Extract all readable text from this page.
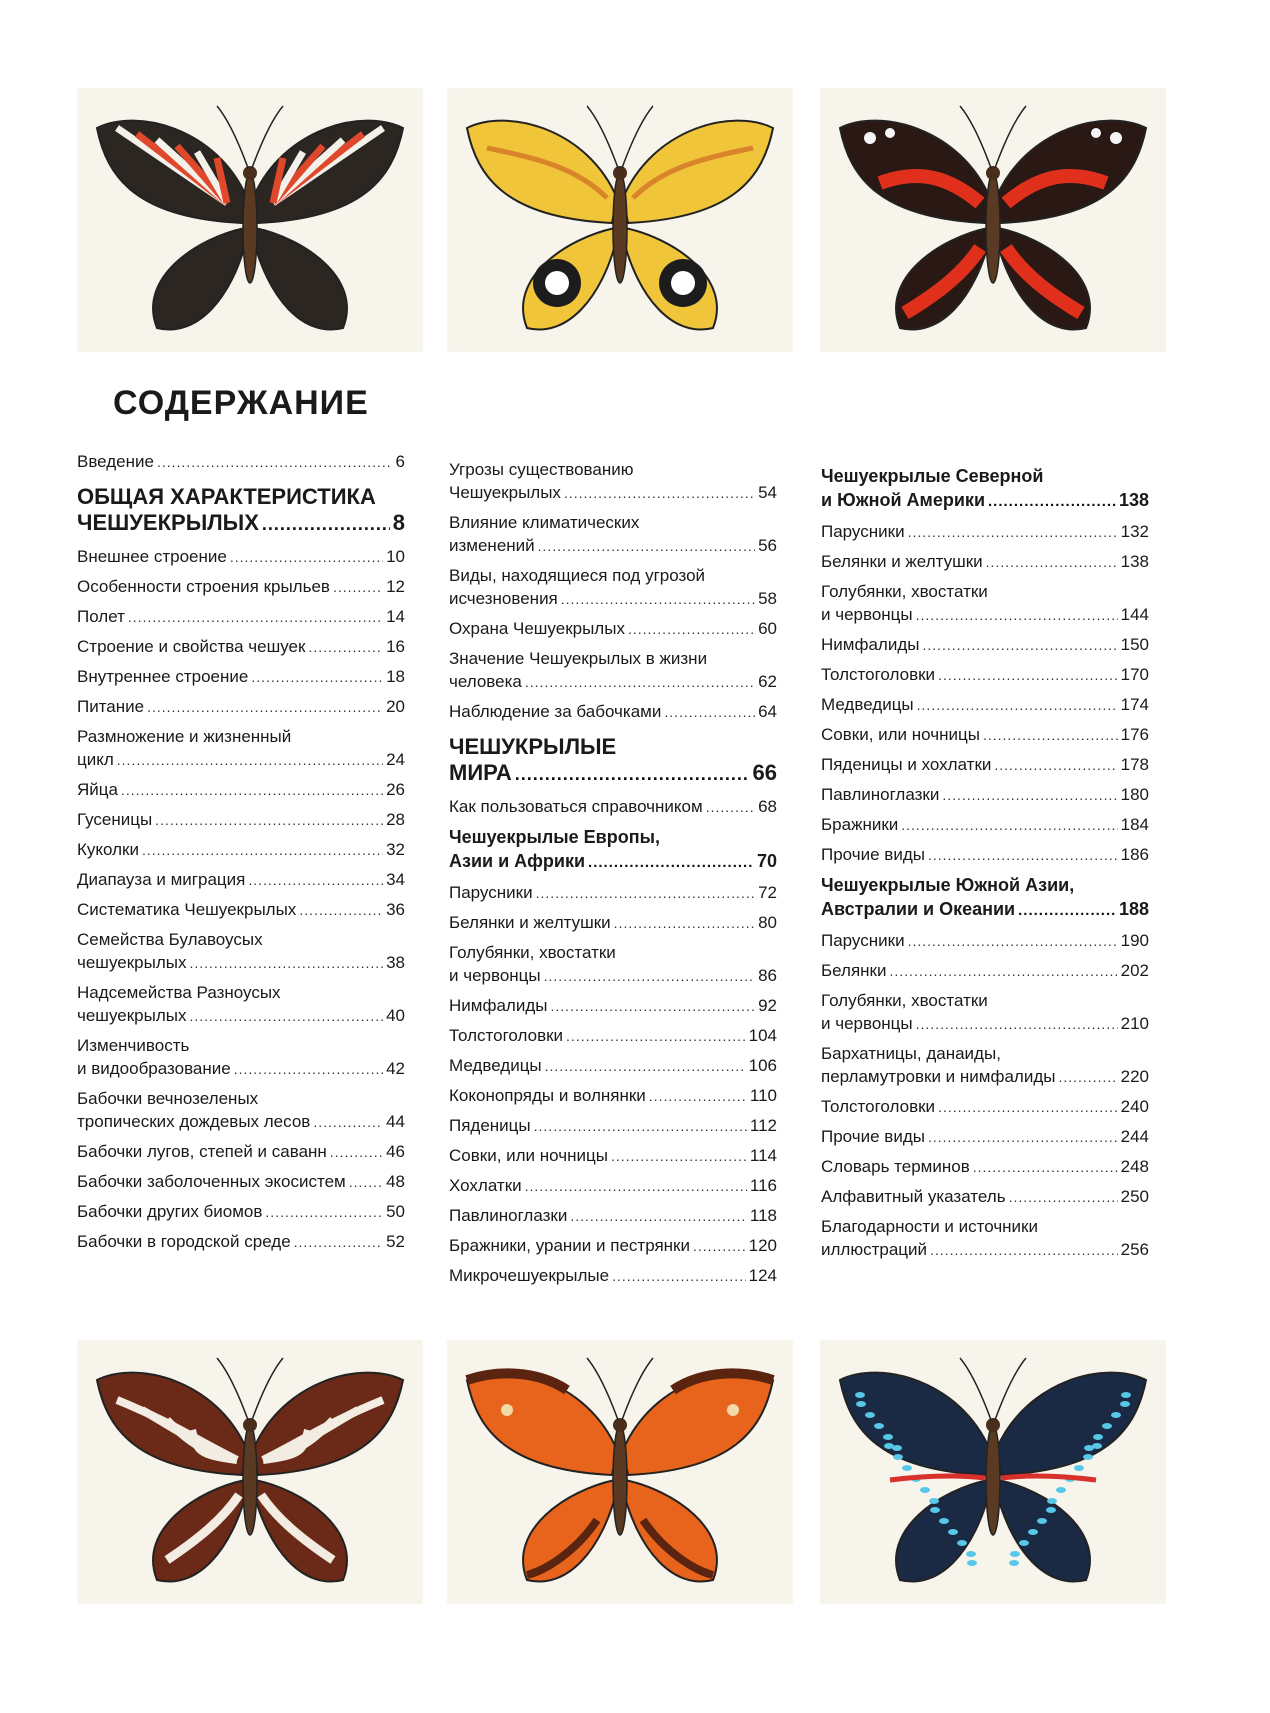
СОДЕРЖАНИЕ
Введение .....	6
ОБЩАЯ ХАРАКТЕРИСТИКА
ЧЕШУЕКРЫЛЫХ .....	8
Внешнее строение .....	10
Особенности строения крыльев .....	12
Полет .....	14
Строение и свойства чешуек .....	16
Внутреннее строение .....	18
Питание .....	20
Размножение и жизненный
цикл .....	24
Яйца .....	26
Гусеницы .....	28
Куколки .....	32
Диапауза и миграция .....	34
Систематика Чешуекрылых .....	36
Семейства Булавоусых
чешуекрылых .....	38
Надсемейства Разноусых
чешуекрылых .....	40
Изменчивость
и видообразование .....	42
Бабочки вечнозеленых
тропических дождевых лесов .....	44
Бабочки лугов, степей и саванн .....	46
Бабочки заболоченных экосистем ..... 48
Бабочки других биомов .....	50
Бабочки в городской среде .....	52
Угрозы существованию
Чешуекрылых .....	54
Влияние климатических
изменений .....	56
Виды, находящиеся под угрозой
исчезновения .....	58
Охрана Чешуекрылых .....	60
Значение Чешуекрылых в жизни
человека .....	62
Наблюдение за бабочками .....	64
ЧЕШУКРЫЛЫЕ
МИРА .....	66
Как пользоваться справочником .....	68
Чешуекрылые Европы,
Азии и Африки .....	70
Парусники .....	72
Белянки и желтушки .....	80
Голубянки, хвостатки
и червонцы .....	86
Нимфалиды .....	92
Толстоголовки .....	104
Медведицы .....	106
Коконопряды и волнянки .....	110
Пяденицы .....	112
Совки, или ночницы .....	114
Хохлатки .....	116
Павлиноглазки .....	118
Бражники, урании и пестрянки .....	120
Микрочешуекрылые .....	124
Чешуекрылые Северной
и Южной Америки .....	138
Парусники .....	132
Белянки и желтушки .....	138
Голубянки, хвостатки
и червонцы .....	144
Нимфалиды .....	150
Толстоголовки .....	170
Медведицы .....	174
Совки, или ночницы .....	176
Пяденицы и хохлатки .....	178
Павлиноглазки .....	180
Бражники .....	184
Прочие виды .....	186
Чешуекрылые Южной Азии,
Австралии и Океании .....	188
Парусники .....	190
Белянки .....	202
Голубянки, хвостатки
и червонцы .....	210
Бархатницы, данаиды,
перламутровки и нимфалиды .....	220
Толстоголовки .....	240
Прочие виды .....	244
Словарь терминов .....	248
Алфавитный указатель .....	250
Благодарности и источники
иллюстраций .....	256
